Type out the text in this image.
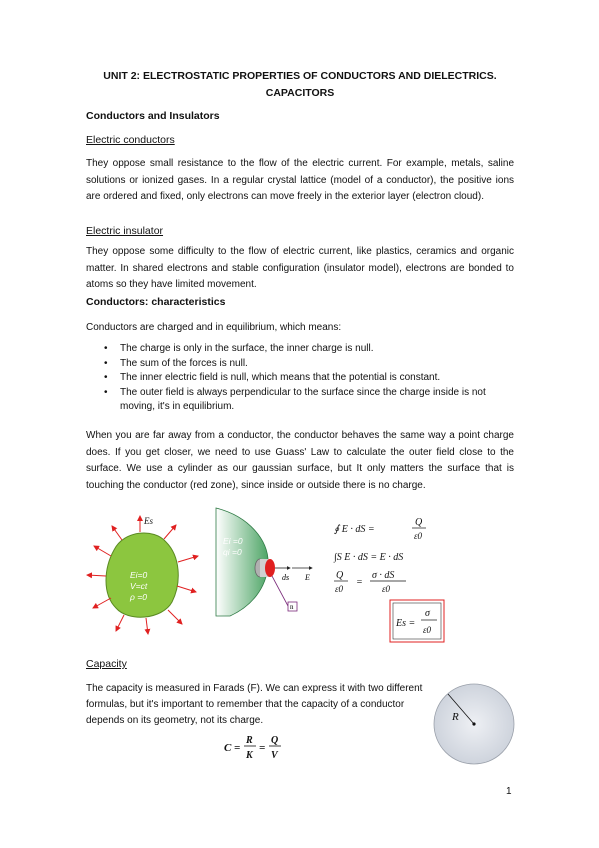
UNIT 2: ELECTROSTATIC PROPERTIES OF CONDUCTORS AND DIELECTRICS.
CAPACITORS
Conductors and Insulators
Electric conductors
They oppose small resistance to the flow of the electric current. For example, metals, saline solutions or ionized gases. In a regular crystal lattice (model of a conductor), the positive ions are ordered and fixed, only electrons can move freely in the exterior layer (electron cloud).
Electric insulator
They oppose some difficulty to the flow of electric current, like plastics, ceramics and organic matter. In shared electrons and stable configuration (insulator model), electrons are bonded to atoms so they have limited movement.
Conductors: characteristics
Conductors are charged and in equilibrium, which means:
• The charge is only in the surface, the inner charge is null.
• The sum of the forces is null.
• The inner electric field is null, which means that the potential is constant.
• The outer field is always perpendicular to the surface since the charge inside is not moving, it's in equilibrium.
When you are far away from a conductor, the conductor behaves the same way a point charge does. If you get closer, we need to use Guass' Law to calculate the outer field close to the surface. We use a cylinder as our gaussian surface, but It only matters the surface that is touching the conductor (red zone), since inside or outside there is no charge.
Es
Ei=0
V=ct
ρ =0
Ei =0
qi =0
ds E
n
∮ E · dS =
Q
ε0
∫S E · dS = E · dS
Q
ε0
=
σ · dS
ε0
Es =
σ
ε0
Capacity
The capacity is measured in Farads (F). We can express it with two different formulas, but it's important to remember that the capacity of a conductor depends on its geometry, not its charge.
C =
R
K
=
Q
V
R
1
